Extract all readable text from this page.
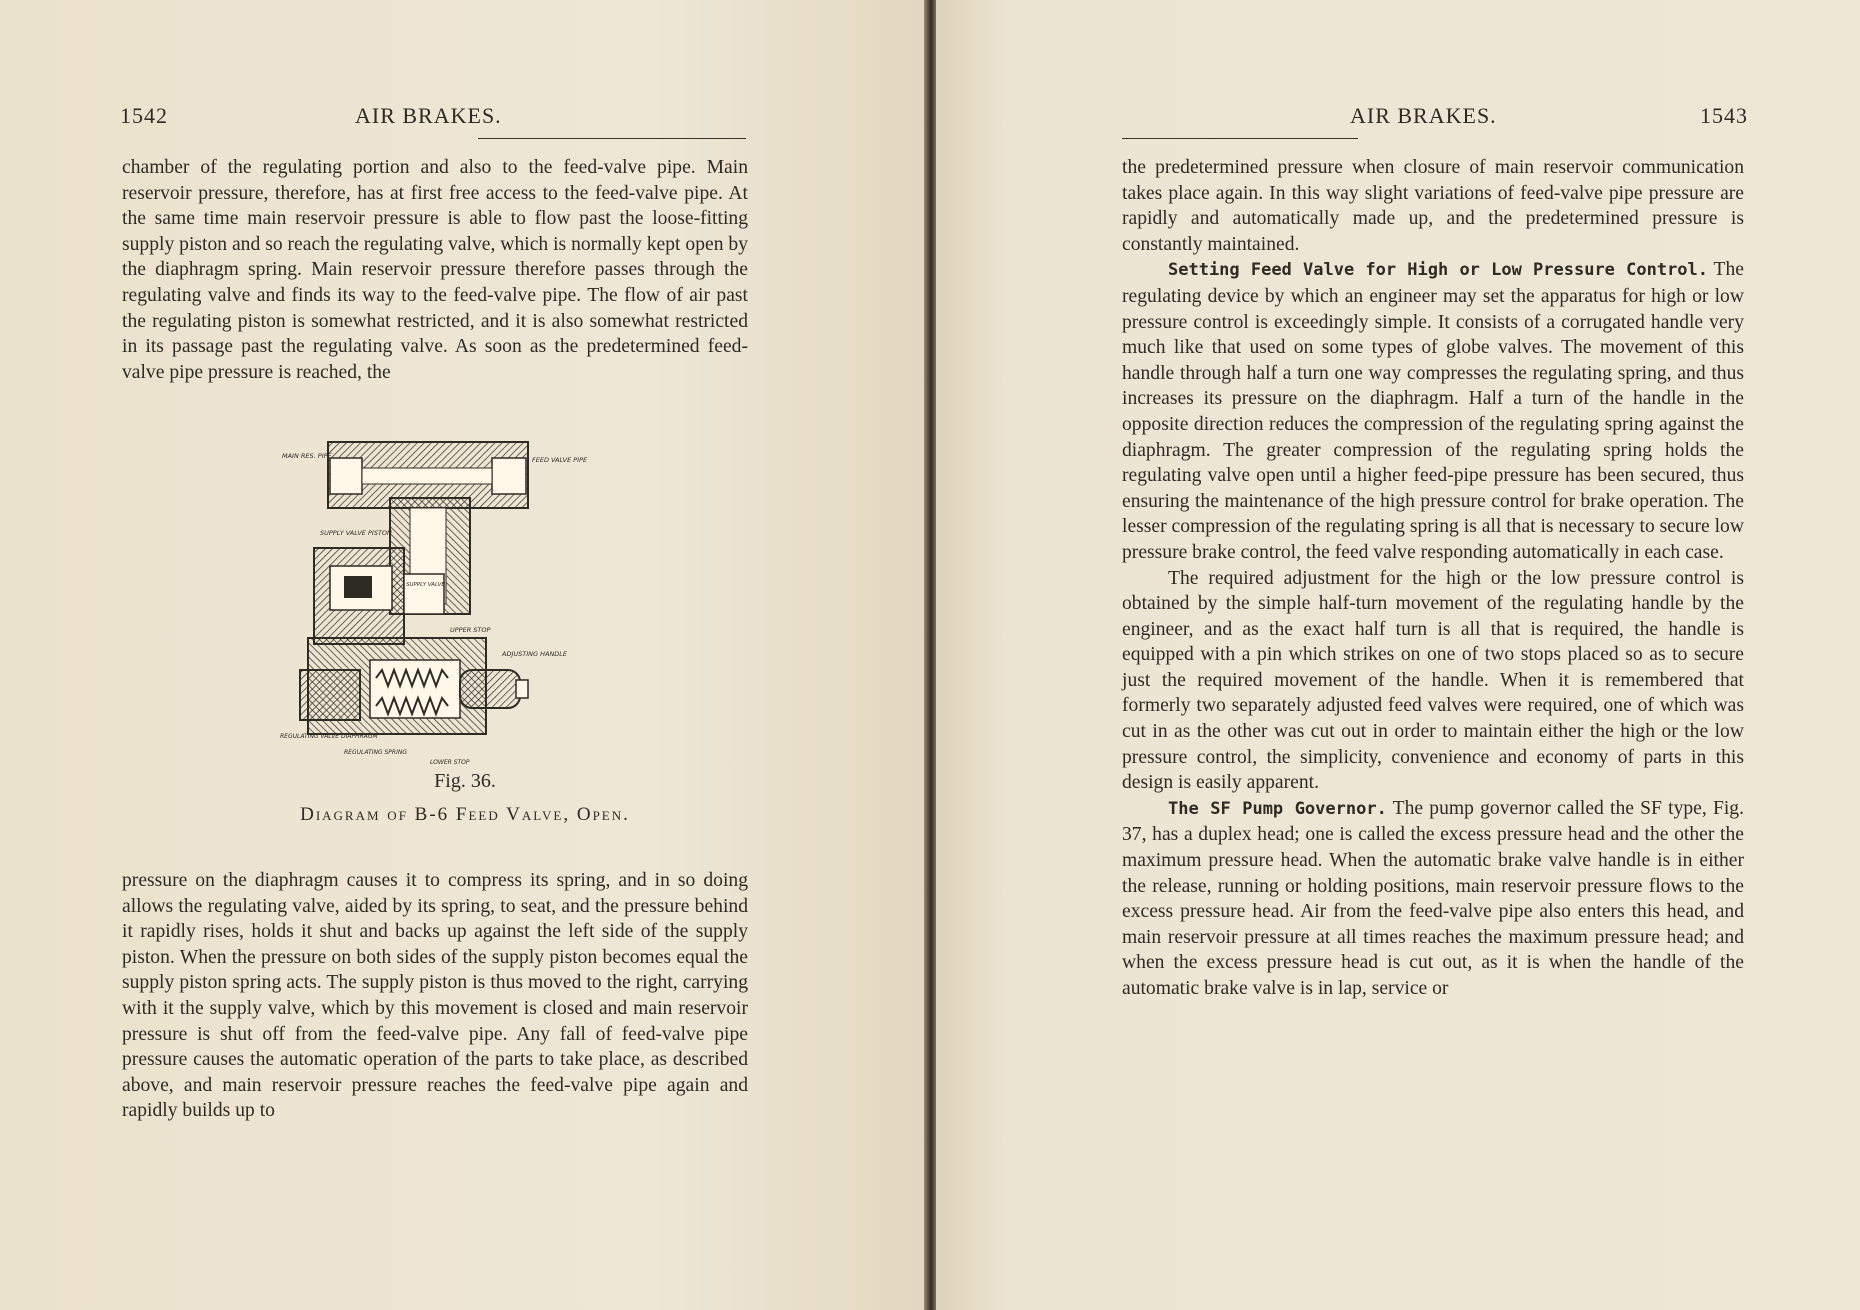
1542	AIR BRAKES.

chamber of the regulating portion and also to the feed-valve pipe. Main reservoir pressure, therefore, has at first free access to the feed-valve pipe. At the same time main reservoir pressure is able to flow past the loose-fitting supply piston and so reach the regulating valve, which is normally kept open by the diaphragm spring. Main reservoir pressure therefore passes through the regulating valve and finds its way to the feed-valve pipe. The flow of air past the regulating piston is somewhat restricted, and it is also somewhat restricted in its passage past the regulating valve. As soon as the predetermined feed-valve pipe pressure is reached, the

MAIN RES. PIPE	FEED VALVE PIPE
SUPPLY VALVE PISTON
SUPPLY VALVE
UPPER STOP
ADJUSTING HANDLE
REGULATING VALVE DIAPHRAGM
REGULATING SPRING
LOWER STOP
Fig. 36.
Diagram of B-6 Feed Valve, Open.

pressure on the diaphragm causes it to compress its spring, and in so doing allows the regulating valve, aided by its spring, to seat, and the pressure behind it rapidly rises, holds it shut and backs up against the left side of the supply piston. When the pressure on both sides of the supply piston becomes equal the supply piston spring acts. The supply piston is thus moved to the right, carrying with it the supply valve, which by this movement is closed and main reservoir pressure is shut off from the feed-valve pipe. Any fall of feed-valve pipe pressure causes the automatic operation of the parts to take place, as described above, and main reservoir pressure reaches the feed-valve pipe again and rapidly builds up to

AIR BRAKES.	1543

the predetermined pressure when closure of main reservoir communication takes place again. In this way slight variations of feed-valve pipe pressure are rapidly and automatically made up, and the predetermined pressure is constantly maintained.

Setting Feed Valve for High or Low Pressure Control. The regulating device by which an engineer may set the apparatus for high or low pressure control is exceedingly simple. It consists of a corrugated handle very much like that used on some types of globe valves. The movement of this handle through half a turn one way compresses the regulating spring, and thus increases its pressure on the diaphragm. Half a turn of the handle in the opposite direction reduces the compression of the regulating spring against the diaphragm. The greater compression of the regulating spring holds the regulating valve open until a higher feed-pipe pressure has been secured, thus ensuring the maintenance of the high pressure control for brake operation. The lesser compression of the regulating spring is all that is necessary to secure low pressure brake control, the feed valve responding automatically in each case.

The required adjustment for the high or the low pressure control is obtained by the simple half-turn movement of the regulating handle by the engineer, and as the exact half turn is all that is required, the handle is equipped with a pin which strikes on one of two stops placed so as to secure just the required movement of the handle. When it is remembered that formerly two separately adjusted feed valves were required, one of which was cut in as the other was cut out in order to maintain either the high or the low pressure control, the simplicity, convenience and economy of parts in this design is easily apparent.

The SF Pump Governor. The pump governor called the SF type, Fig. 37, has a duplex head; one is called the excess pressure head and the other the maximum pressure head. When the automatic brake valve handle is in either the release, running or holding positions, main reservoir pressure flows to the excess pressure head. Air from the feed-valve pipe also enters this head, and main reservoir pressure at all times reaches the maximum pressure head; and when the excess pressure head is cut out, as it is when the handle of the automatic brake valve is in lap, service or
